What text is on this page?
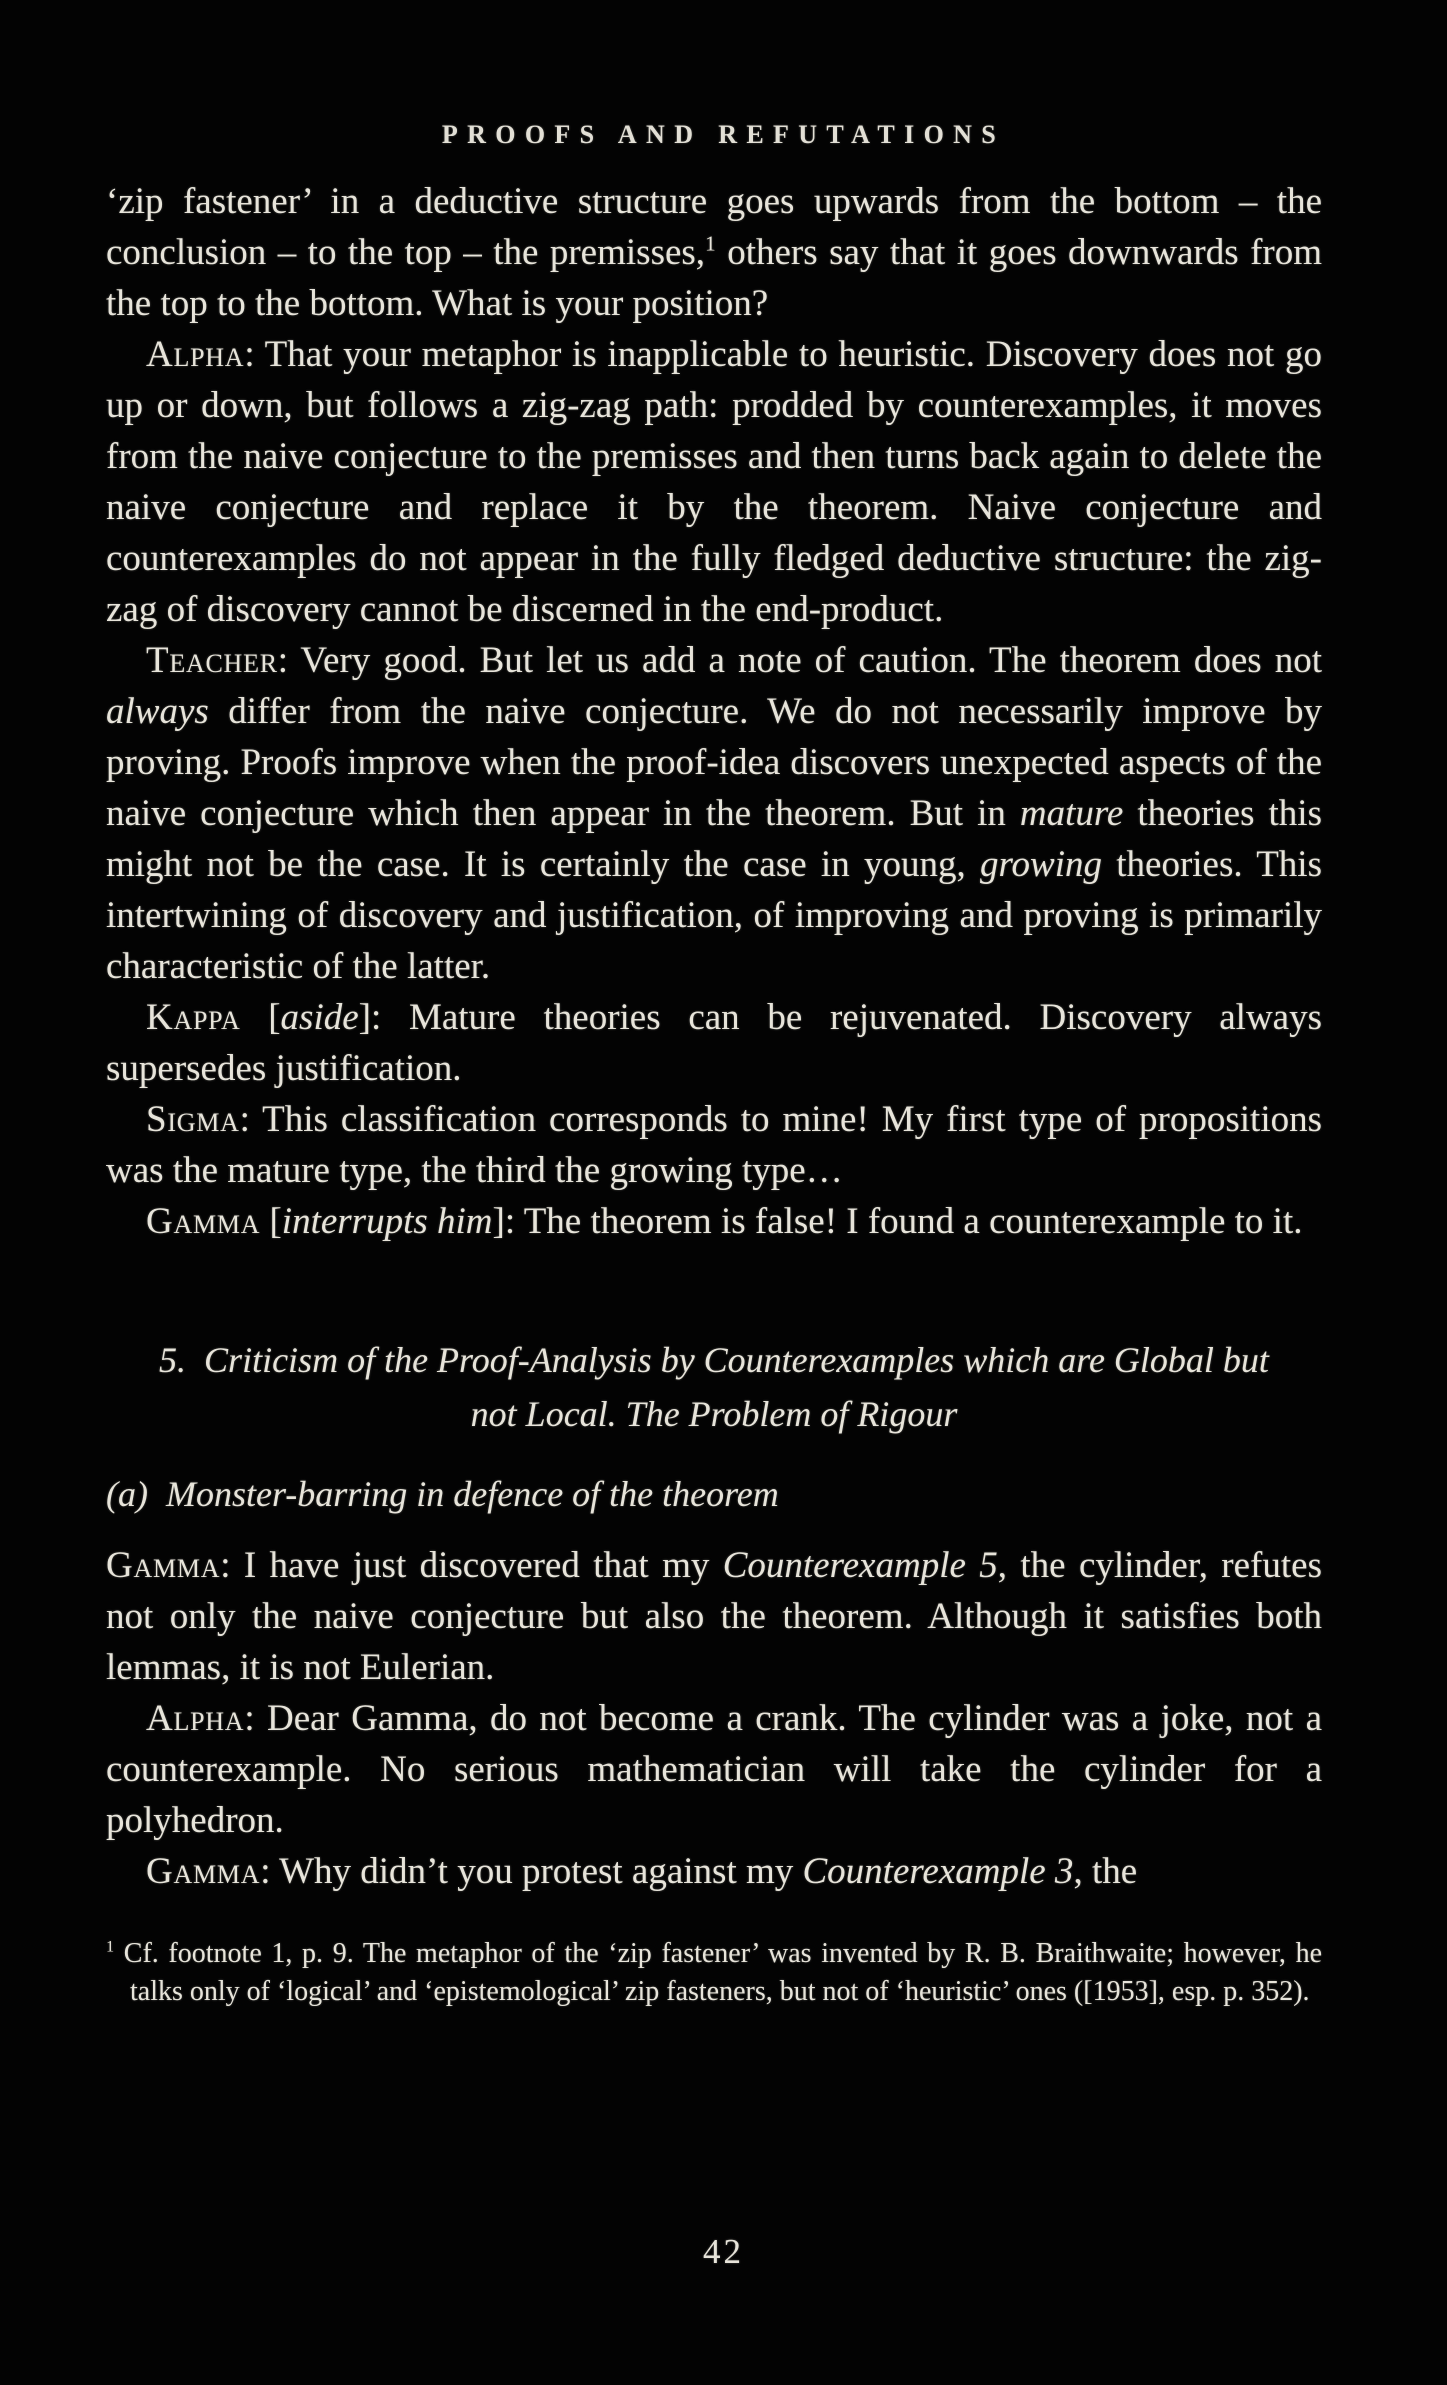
PROOFS AND REFUTATIONS

‘zip fastener’ in a deductive structure goes upwards from the bottom – the conclusion – to the top – the premisses,$^1$ others say that it goes downwards from the top to the bottom. What is your position?

Alpha: That your metaphor is inapplicable to heuristic. Discovery does not go up or down, but follows a zig-zag path: prodded by counterexamples, it moves from the naive conjecture to the premisses and then turns back again to delete the naive conjecture and replace it by the theorem. Naive conjecture and counterexamples do not appear in the fully fledged deductive structure: the zig-zag of discovery cannot be discerned in the end-product.

Teacher: Very good. But let us add a note of caution. The theorem does not always differ from the naive conjecture. We do not necessarily improve by proving. Proofs improve when the proof-idea discovers unexpected aspects of the naive conjecture which then appear in the theorem. But in mature theories this might not be the case. It is certainly the case in young, growing theories. This intertwining of discovery and justification, of improving and proving is primarily characteristic of the latter.

Kappa [aside]: Mature theories can be rejuvenated. Discovery always supersedes justification.

Sigma: This classification corresponds to mine! My first type of propositions was the mature type, the third the growing type…

Gamma [interrupts him]: The theorem is false! I found a counterexample to it.

5. Criticism of the Proof-Analysis by Counterexamples which are Global but
not Local. The Problem of Rigour
(a) Monster-barring in defence of the theorem

Gamma: I have just discovered that my Counterexample 5, the cylinder, refutes not only the naive conjecture but also the theorem. Although it satisfies both lemmas, it is not Eulerian.

Alpha: Dear Gamma, do not become a crank. The cylinder was a joke, not a counterexample. No serious mathematician will take the cylinder for a polyhedron.

Gamma: Why didn’t you protest against my Counterexample 3, the

$^1$ Cf. footnote 1, p. 9. The metaphor of the ‘zip fastener’ was invented by R. B. Braithwaite; however, he talks only of ‘logical’ and ‘epistemological’ zip fasteners, but not of ‘heuristic’ ones ([1953], esp. p. 352).
42
